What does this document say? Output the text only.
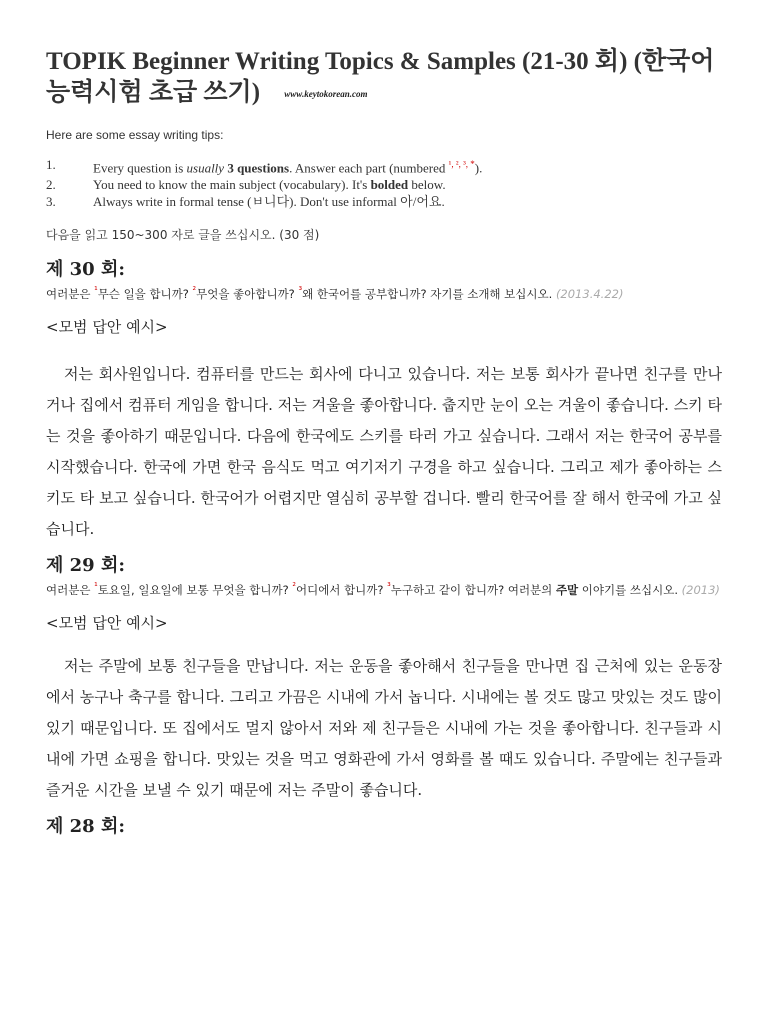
TOPIK Beginner Writing Topics & Samples (21-30 회) (한국어능력시험 초급 쓰기)	www.keytokorean.com

Here are some essay writing tips:

1.	Every question is usually 3 questions. Answer each part (numbered $^{^1, ^2, ^3, *}$).
2.	You need to know the main subject (vocabulary). It's bolded below.
3.	Always write in formal tense (ㅂ니다). Don't use informal 아/어요.

다음을 읽고 150~300 자로 글을 쓰십시오. (30 점)

제 30 회:

여러분은 $^{^1}$무슨 일을 합니까? $^{^2}$무엇을 좋아합니까? $^{^3}$왜 한국어를 공부합니까? 자기를 소개해 보십시오. (2013.4.22)

<모범 답안 예시>

저는 회사원입니다. 컴퓨터를 만드는 회사에 다니고 있습니다. 저는 보통 회사가 끝나면 친구를 만나거나 집에서 컴퓨터 게임을 합니다. 저는 겨울을 좋아합니다. 춥지만 눈이 오는 겨울이 좋습니다. 스키 타는 것을 좋아하기 때문입니다. 다음에 한국에도 스키를 타러 가고 싶습니다. 그래서 저는 한국어 공부를 시작했습니다. 한국에 가면 한국 음식도 먹고 여기저기 구경을 하고 싶습니다. 그리고 제가 좋아하는 스키도 타 보고 싶습니다. 한국어가 어렵지만 열심히 공부할 겁니다. 빨리 한국어를 잘 해서 한국에 가고 싶습니다.

제 29 회:

여러분은 $^{^1}$토요일, 일요일에 보통 무엇을 합니까? $^{^2}$어디에서 합니까? $^{^3}$누구하고 같이 합니까? 여러분의 주말 이야기를 쓰십시오. (2013)

<모범 답안 예시>

저는 주말에 보통 친구들을 만납니다. 저는 운동을 좋아해서 친구들을 만나면 집 근처에 있는 운동장에서 농구나 축구를 합니다. 그리고 가끔은 시내에 가서 놉니다. 시내에는 볼 것도 많고 맛있는 것도 많이 있기 때문입니다. 또 집에서도 멀지 않아서 저와 제 친구들은 시내에 가는 것을 좋아합니다. 친구들과 시내에 가면 쇼핑을 합니다. 맛있는 것을 먹고 영화관에 가서 영화를 볼 때도 있습니다. 주말에는 친구들과 즐거운 시간을 보낼 수 있기 때문에 저는 주말이 좋습니다.

제 28 회:
